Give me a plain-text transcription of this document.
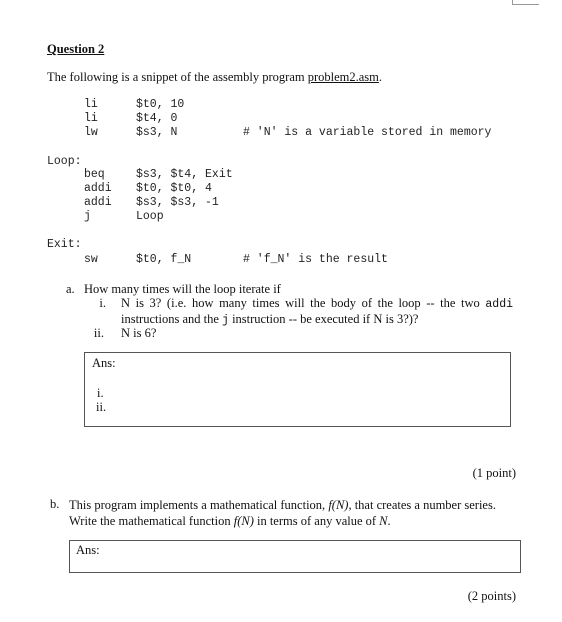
Question 2
The following is a snippet of the assembly program problem2.asm.
li	$t0, 10
li	$t4, 0
lw	$s3, N	# 'N' is a variable stored in memory
Loop:
beq	$s3, $t4, Exit
addi $t0, $t0, 4
addi $s3, $s3, -1
j	Loop
Exit:
sw	$t0, f_N	# 'f_N' is the result
a. How many times will the loop iterate if
i. N is 3? (i.e. how many times will the body of the loop -- the two addi instructions and the j instruction -- be executed if N is 3?)?
ii. N is 6?
Ans:
i.
ii.
(1 point)
b. This program implements a mathematical function, f(N), that creates a number series. Write the mathematical function f(N) in terms of any value of N.
Ans:
(2 points)
